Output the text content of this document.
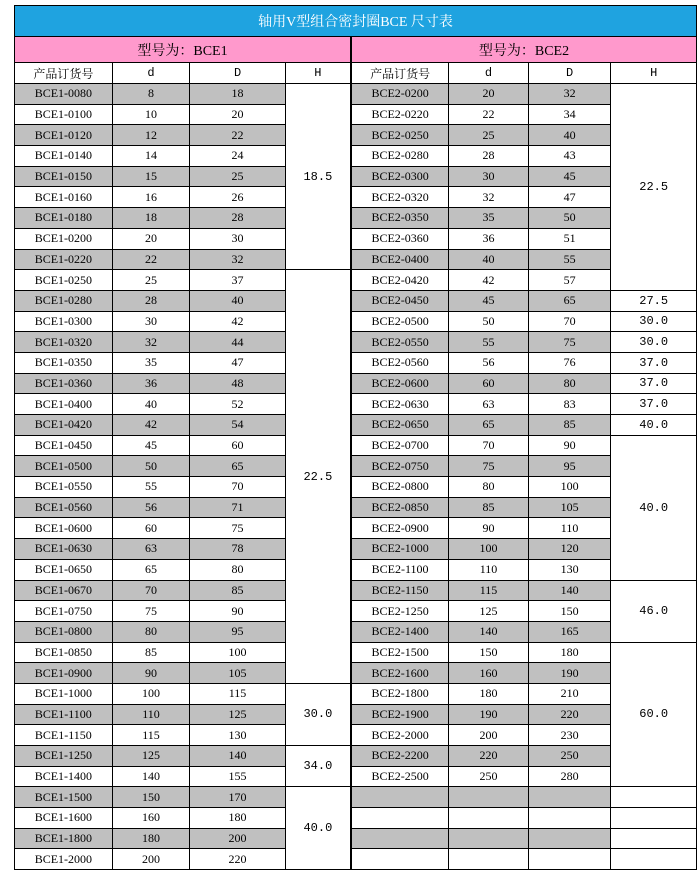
轴用V型组合密封圈BCE 尺寸表							
型号为：BCE1				型号为：BCE2			
产品订货号	d	D	H	产品订货号	d	D	H
BCE1-0080	8	18	18.5	BCE2-0200	20	32	22.5
BCE1-0100	10	20		BCE2-0220	22	34	
BCE1-0120	12	22		BCE2-0250	25	40	
BCE1-0140	14	24		BCE2-0280	28	43	
BCE1-0150	15	25		BCE2-0300	30	45	
BCE1-0160	16	26		BCE2-0320	32	47	
BCE1-0180	18	28		BCE2-0350	35	50	
BCE1-0200	20	30		BCE2-0360	36	51	
BCE1-0220	22	32		BCE2-0400	40	55	
BCE1-0250	25	37	22.5	BCE2-0420	42	57	
BCE1-0280	28	40		BCE2-0450	45	65	27.5
BCE1-0300	30	42		BCE2-0500	50	70	30.0
BCE1-0320	32	44		BCE2-0550	55	75	30.0
BCE1-0350	35	47		BCE2-0560	56	76	37.0
BCE1-0360	36	48		BCE2-0600	60	80	37.0
BCE1-0400	40	52		BCE2-0630	63	83	37.0
BCE1-0420	42	54		BCE2-0650	65	85	40.0
BCE1-0450	45	60		BCE2-0700	70	90	40.0
BCE1-0500	50	65		BCE2-0750	75	95	
BCE1-0550	55	70		BCE2-0800	80	100	
BCE1-0560	56	71		BCE2-0850	85	105	
BCE1-0600	60	75		BCE2-0900	90	110	
BCE1-0630	63	78		BCE2-1000	100	120	
BCE1-0650	65	80		BCE2-1100	110	130	
BCE1-0670	70	85		BCE2-1150	115	140	46.0
BCE1-0750	75	90		BCE2-1250	125	150	
BCE1-0800	80	95		BCE2-1400	140	165	
BCE1-0850	85	100		BCE2-1500	150	180	60.0
BCE1-0900	90	105		BCE2-1600	160	190	
BCE1-1000	100	115	30.0	BCE2-1800	180	210	
BCE1-1100	110	125		BCE2-1900	190	220	
BCE1-1150	115	130		BCE2-2000	200	230	
BCE1-1250	125	140	34.0	BCE2-2200	220	250	
BCE1-1400	140	155		BCE2-2500	250	280	
BCE1-1500	150	170	40.0				
BCE1-1600	160	180					
BCE1-1800	180	200					
BCE1-2000	200	220					
